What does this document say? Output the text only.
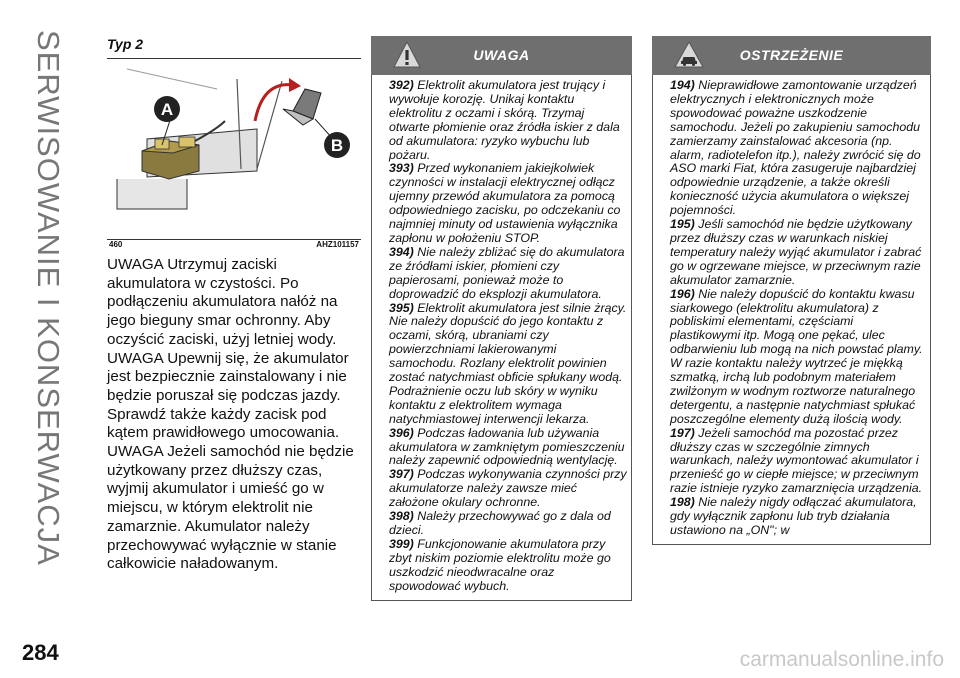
SERWISOWANIE I KONSERWACJA	Typ 2
A
B
460	AHZ101157

UWAGA Utrzymuj zaciski akumulatora w czystości. Po podłączeniu akumulatora nałóż na jego bieguny smar ochronny. Aby oczyścić zaciski, użyj letniej wody.

UWAGA Upewnij się, że akumulator jest bezpiecznie zainstalowany i nie będzie poruszał się podczas jazdy. Sprawdź także każdy zacisk pod kątem prawidłowego umocowania.

UWAGA Jeżeli samochód nie będzie użytkowany przez dłuższy czas, wyjmij akumulator i umieść go w miejscu, w którym elektrolit nie zamarznie. Akumulator należy przechowywać wyłącznie w stanie całkowicie naładowanym.

UWAGA

392) Elektrolit akumulatora jest trujący i wywołuje korozję. Unikaj kontaktu elektrolitu z oczami i skórą. Trzymaj otwarte płomienie oraz źródła iskier z dala od akumulatora: ryzyko wybuchu lub pożaru.

393) Przed wykonaniem jakiejkolwiek czynności w instalacji elektrycznej odłącz ujemny przewód akumulatora za pomocą odpowiedniego zacisku, po odczekaniu co najmniej minuty od ustawienia wyłącznika zapłonu w położeniu STOP.

394) Nie należy zbliżać się do akumulatora ze źródłami iskier, płomieni czy papierosami, ponieważ może to doprowadzić do eksplozji akumulatora.

395) Elektrolit akumulatora jest silnie żrący. Nie należy dopuścić do jego kontaktu z oczami, skórą, ubraniami czy powierzchniami lakierowanymi samochodu. Rozlany elektrolit powinien zostać natychmiast obficie spłukany wodą. Podrażnienie oczu lub skóry w wyniku kontaktu z elektrolitem wymaga natychmiastowej interwencji lekarza.

396) Podczas ładowania lub używania akumulatora w zamkniętym pomieszczeniu należy zapewnić odpowiednią wentylację.

397) Podczas wykonywania czynności przy akumulatorze należy zawsze mieć założone okulary ochronne.

398) Należy przechowywać go z dala od dzieci.

399) Funkcjonowanie akumulatora przy zbyt niskim poziomie elektrolitu może go uszkodzić nieodwracalne oraz spowodować wybuch.

OSTRZEŻENIE

194) Nieprawidłowe zamontowanie urządzeń elektrycznych i elektronicznych może spowodować poważne uszkodzenie samochodu. Jeżeli po zakupieniu samochodu zamierzamy zainstalować akcesoria (np. alarm, radiotelefon itp.), należy zwrócić się do ASO marki Fiat, która zasugeruje najbardziej odpowiednie urządzenie, a także określi konieczność użycia akumulatora o większej pojemności.

195) Jeśli samochód nie będzie użytkowany przez dłuższy czas w warunkach niskiej temperatury należy wyjąć akumulator i zabrać go w ogrzewane miejsce, w przeciwnym razie akumulator zamarznie.

196) Nie należy dopuścić do kontaktu kwasu siarkowego (elektrolitu akumulatora) z pobliskimi elementami, częściami plastikowymi itp. Mogą one pękać, ulec odbarwieniu lub mogą na nich powstać plamy. W razie kontaktu należy wytrzeć je miękką szmatką, irchą lub podobnym materiałem zwilżonym w wodnym roztworze naturalnego detergentu, a następnie natychmiast spłukać poszczególne elementy dużą ilością wody.

197) Jeżeli samochód ma pozostać przez dłuższy czas w szczególnie zimnych warunkach, należy wymontować akumulator i przenieść go w ciepłe miejsce; w przeciwnym razie istnieje ryzyko zamarznięcia urządzenia.

198) Nie należy nigdy odłączać akumulatora, gdy wyłącznik zapłonu lub tryb działania ustawiono na „ON"; w

284	carmanualsonline.info
